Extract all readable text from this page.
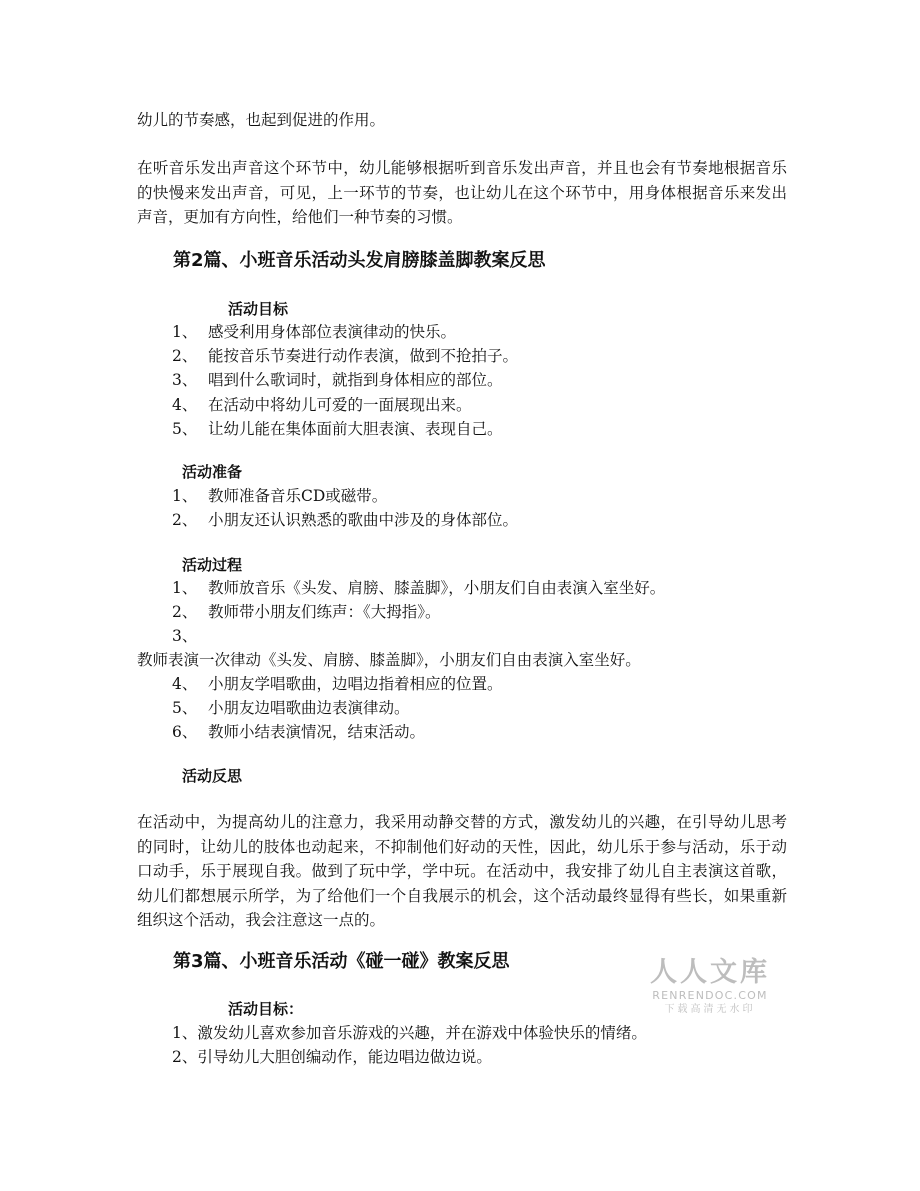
幼儿的节奏感，也起到促进的作用。
在听音乐发出声音这个环节中，幼儿能够根据听到音乐发出声音，并且也会有节奏地根据音乐的快慢来发出声音，可见，上一环节的节奏，也让幼儿在这个环节中，用身体根据音乐来发出声音，更加有方向性，给他们一种节奏的习惯。
第2篇、小班音乐活动头发肩膀膝盖脚教案反思
活动目标
1、 感受利用身体部位表演律动的快乐。
2、 能按音乐节奏进行动作表演，做到不抢拍子。
3、 唱到什么歌词时，就指到身体相应的部位。
4、 在活动中将幼儿可爱的一面展现出来。
5、 让幼儿能在集体面前大胆表演、表现自己。
活动准备
1、 教师准备音乐CD或磁带。
2、 小朋友还认识熟悉的歌曲中涉及的身体部位。
活动过程
1、 教师放音乐《头发、肩膀、膝盖脚》，小朋友们自由表演入室坐好。
2、 教师带小朋友们练声：《大拇指》。
3、
教师表演一次律动《头发、肩膀、膝盖脚》，小朋友们自由表演入室坐好。
4、 小朋友学唱歌曲，边唱边指着相应的位置。
5、 小朋友边唱歌曲边表演律动。
6、 教师小结表演情况，结束活动。
活动反思
在活动中，为提高幼儿的注意力，我采用动静交替的方式，激发幼儿的兴趣，在引导幼儿思考的同时，让幼儿的肢体也动起来，不抑制他们好动的天性，因此，幼儿乐于参与活动，乐于动口动手，乐于展现自我。做到了玩中学，学中玩。在活动中，我安排了幼儿自主表演这首歌，幼儿们都想展示所学，为了给他们一个自我展示的机会，这个活动最终显得有些长，如果重新组织这个活动，我会注意这一点的。
第3篇、小班音乐活动《碰一碰》教案反思
活动目标：
1、激发幼儿喜欢参加音乐游戏的兴趣，并在游戏中体验快乐的情绪。
2、引导幼儿大胆创编动作，能边唱边做边说。
人人文库
RENRENDOC.COM
下载高清无水印
